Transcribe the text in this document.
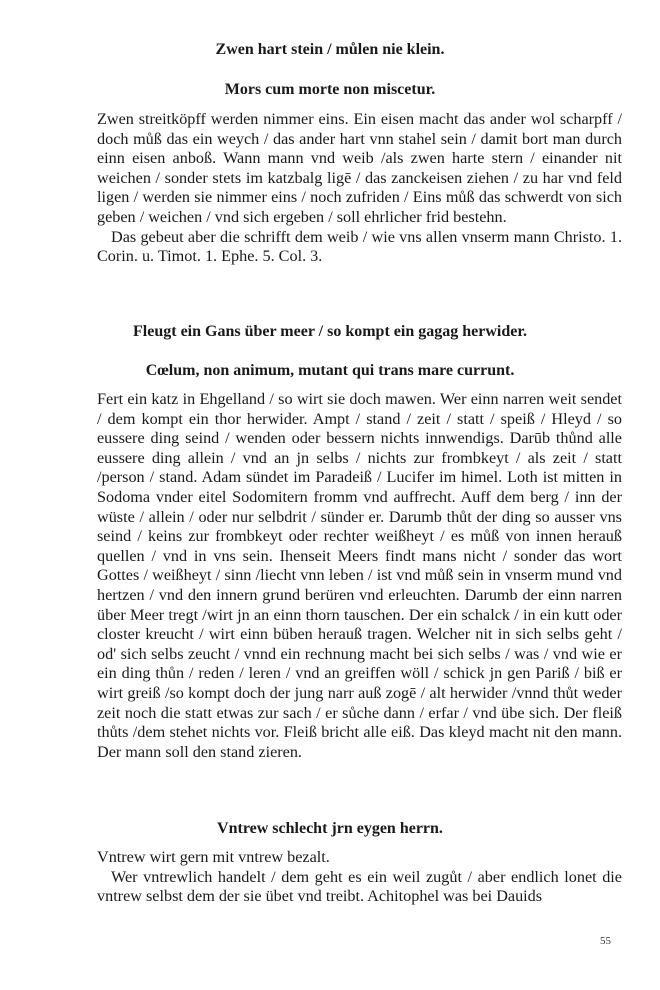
Zwen hart stein / můlen nie klein.
Mors cum morte non miscetur.

Zwen streitköpff werden nimmer eins. Ein eisen macht das ander wol scharpff / doch můß das ein weych / das ander hart vnn stahel sein / damit bort man durch einn eisen anboß. Wann mann vnd weib /als zwen harte stern / einander nit weichen / sonder stets im katzbalg ligē / das zanckeisen ziehen / zu har vnd feld ligen / werden sie nimmer eins / noch zufriden / Eins můß das schwerdt von sich geben / weichen / vnd sich ergeben / soll ehrlicher frid bestehn.

Das gebeut aber die schrifft dem weib / wie vns allen vnserm mann Christo. 1. Corin. u. Timot. 1. Ephe. 5. Col. 3.

Fleugt ein Gans über meer / so kompt ein gagag herwider.
Cœlum, non animum, mutant qui trans mare currunt.

Fert ein katz in Ehgelland / so wirt sie doch mawen. Wer einn narren weit sendet / dem kompt ein thor herwider. Ampt / stand / zeit / statt / speiß / Hleyd / so eussere ding seind / wenden oder bessern nichts innwendigs. Darūb thůnd alle eussere ding allein / vnd an jn selbs / nichts zur frombkeyt / als zeit / statt /person / stand. Adam sündet im Paradeiß / Lucifer im himel. Loth ist mitten in Sodoma vnder eitel Sodomitern fromm vnd auffrecht. Auff dem berg / inn der wüste / allein / oder nur selbdrit / sünder er. Darumb thůt der ding so ausser vns seind / keins zur frombkeyt oder rechter weißheyt / es můß von innen herauß quellen / vnd in vns sein. Ihenseit Meers findt mans nicht / sonder das wort Gottes / weißheyt / sinn /liecht vnn leben / ist vnd můß sein in vnserm mund vnd hertzen / vnd den innern grund berüren vnd erleuchten. Darumb der einn narren über Meer tregt /wirt jn an einn thorn tauschen. Der ein schalck / in ein kutt oder closter kreucht / wirt einn büben herauß tragen. Welcher nit in sich selbs geht / od' sich selbs zeucht / vnnd ein rechnung macht bei sich selbs / was / vnd wie er ein ding thůn / reden / leren / vnd an greiffen wöll / schick jn gen Pariß / biß er wirt greiß /so kompt doch der jung narr auß zogē / alt herwider /vnnd thůt weder zeit noch die statt etwas zur sach / er sůche dann / erfar / vnd übe sich. Der fleiß thůts /dem stehet nichts vor. Fleiß bricht alle eiß. Das kleyd macht nit den mann. Der mann soll den stand zieren.

Vntrew schlecht jrn eygen herrn.

Vntrew wirt gern mit vntrew bezalt.

Wer vntrewlich handelt / dem geht es ein weil zugůt / aber endlich lonet die vntrew selbst dem der sie übet vnd treibt. Achitophel was bei Dauids

55
